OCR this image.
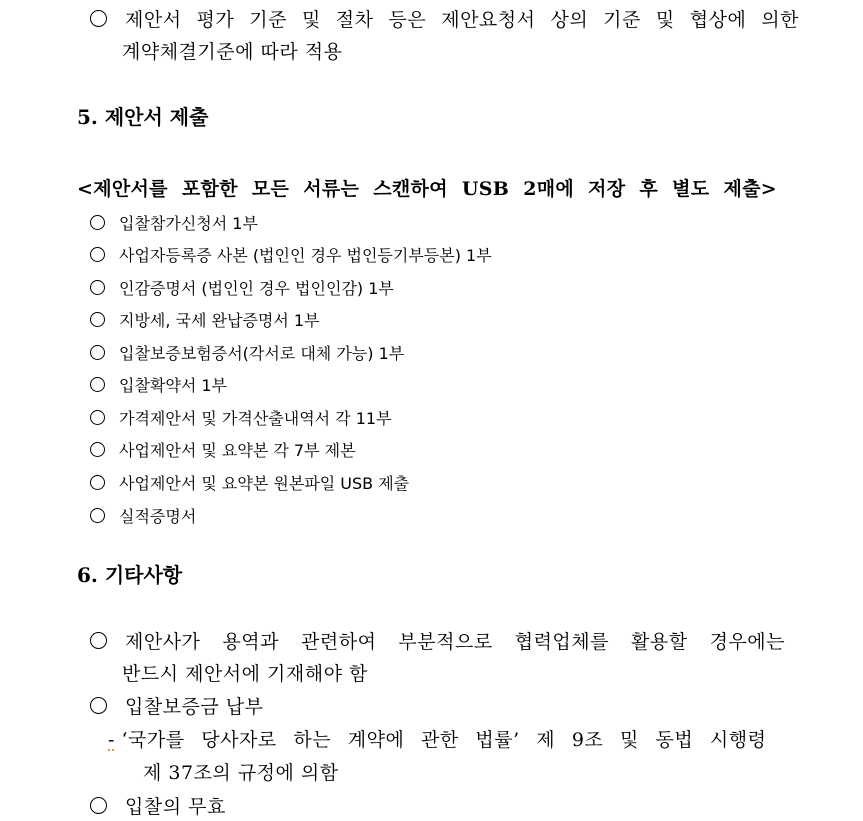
제안서 평가 기준 및 절차 등은 제안요청서 상의 기준 및 협상에 의한
계약체결기준에 따라 적용
5. 제안서 제출
<제안서를 포함한 모든 서류는 스캔하여 USB 2매에 저장 후 별도 제출>
입찰참가신청서 1부
사업자등록증 사본 (법인인 경우 법인등기부등본) 1부
인감증명서 (법인인 경우 법인인감) 1부
지방세, 국세 완납증명서 1부
입찰보증보험증서(각서로 대체 가능) 1부
입찰확약서 1부
가격제안서 및 가격산출내역서 각 11부
사업제안서 및 요약본 각 7부 제본
사업제안서 및 요약본 원본파일 USB 제출
실적증명서
6. 기타사항
제안사가 용역과 관련하여 부분적으로 협력업체를 활용할 경우에는
반드시 제안서에 기재해야 함
입찰보증금 납부
- ‘국가를 당사자로 하는 계약에 관한 법률’ 제 9조 및 동법 시행령
제 37조의 규정에 의함
입찰의 무효
